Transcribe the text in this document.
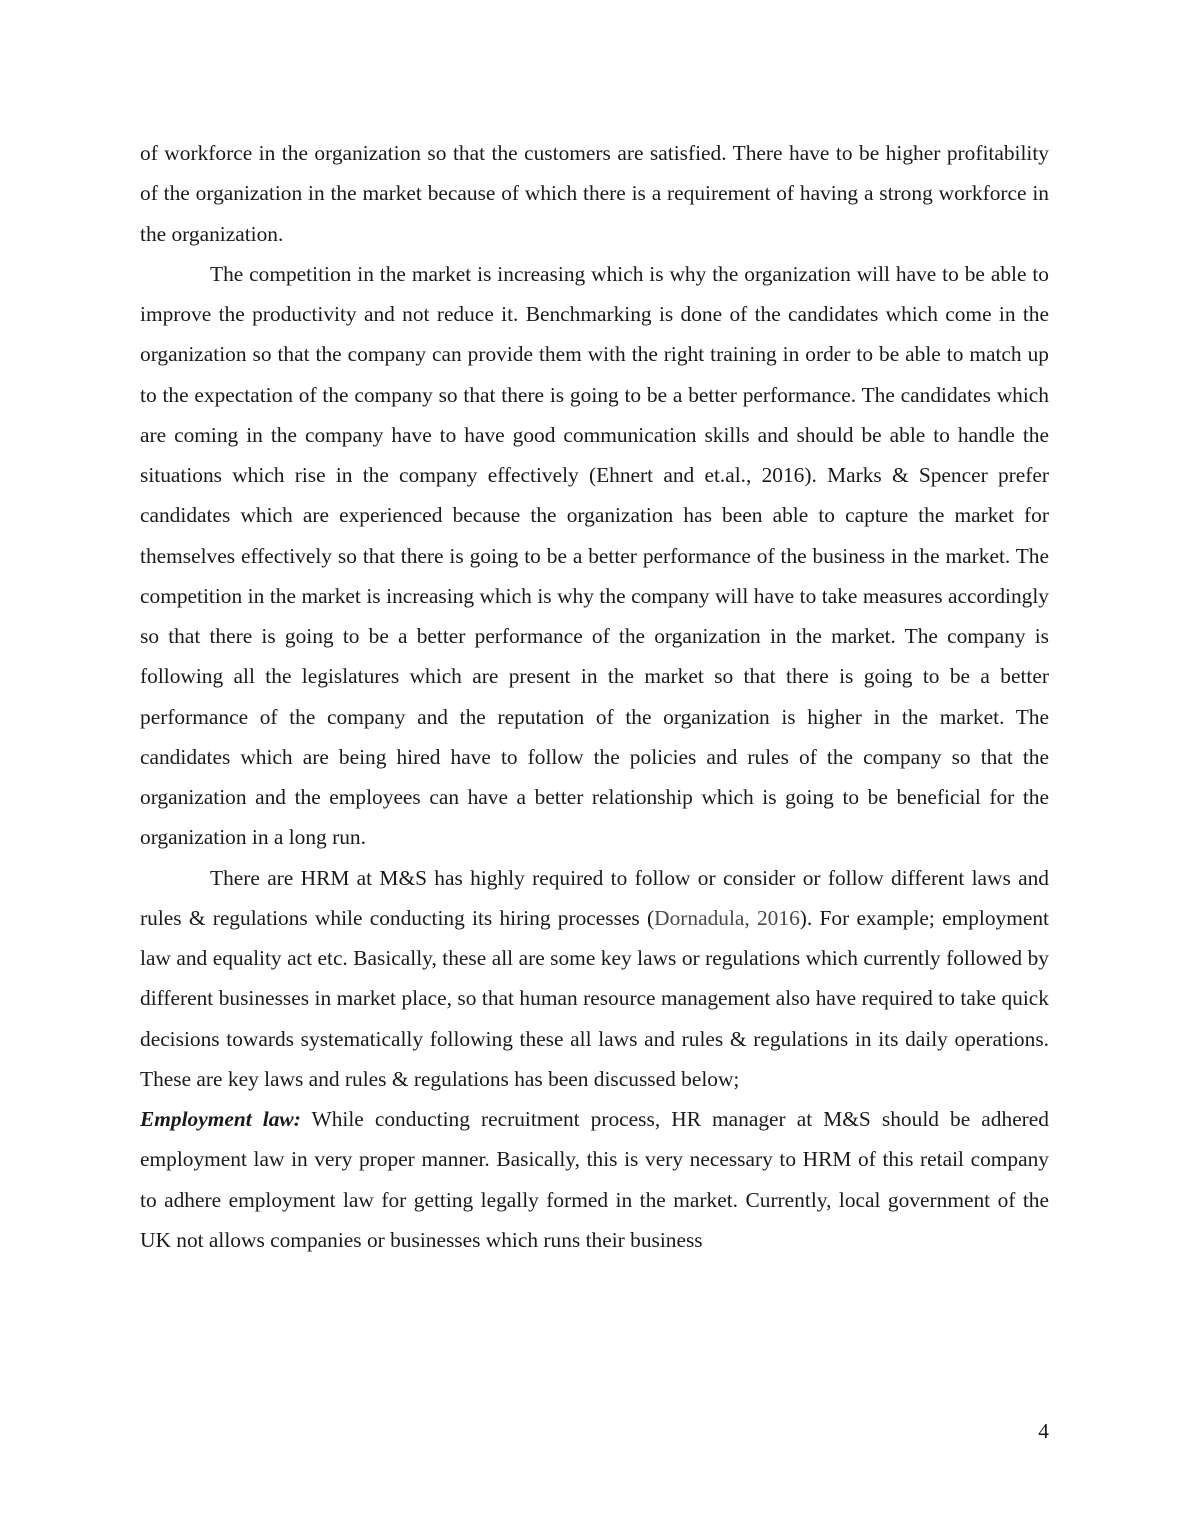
of workforce in the organization so that the customers are satisfied. There have to be higher profitability of the organization in the market because of which there is a requirement of having a strong workforce in the organization.

The competition in the market is increasing which is why the organization will have to be able to improve the productivity and not reduce it. Benchmarking is done of the candidates which come in the organization so that the company can provide them with the right training in order to be able to match up to the expectation of the company so that there is going to be a better performance. The candidates which are coming in the company have to have good communication skills and should be able to handle the situations which rise in the company effectively (Ehnert and et.al., 2016). Marks & Spencer prefer candidates which are experienced because the organization has been able to capture the market for themselves effectively so that there is going to be a better performance of the business in the market. The competition in the market is increasing which is why the company will have to take measures accordingly so that there is going to be a better performance of the organization in the market. The company is following all the legislatures which are present in the market so that there is going to be a better performance of the company and the reputation of the organization is higher in the market. The candidates which are being hired have to follow the policies and rules of the company so that the organization and the employees can have a better relationship which is going to be beneficial for the organization in a long run.

There are HRM at M&S has highly required to follow or consider or follow different laws and rules & regulations while conducting its hiring processes (Dornadula, 2016). For example; employment law and equality act etc. Basically, these all are some key laws or regulations which currently followed by different businesses in market place, so that human resource management also have required to take quick decisions towards systematically following these all laws and rules & regulations in its daily operations. These are key laws and rules & regulations has been discussed below;

Employment law: While conducting recruitment process, HR manager at M&S should be adhered employment law in very proper manner. Basically, this is very necessary to HRM of this retail company to adhere employment law for getting legally formed in the market. Currently, local government of the UK not allows companies or businesses which runs their business

4
